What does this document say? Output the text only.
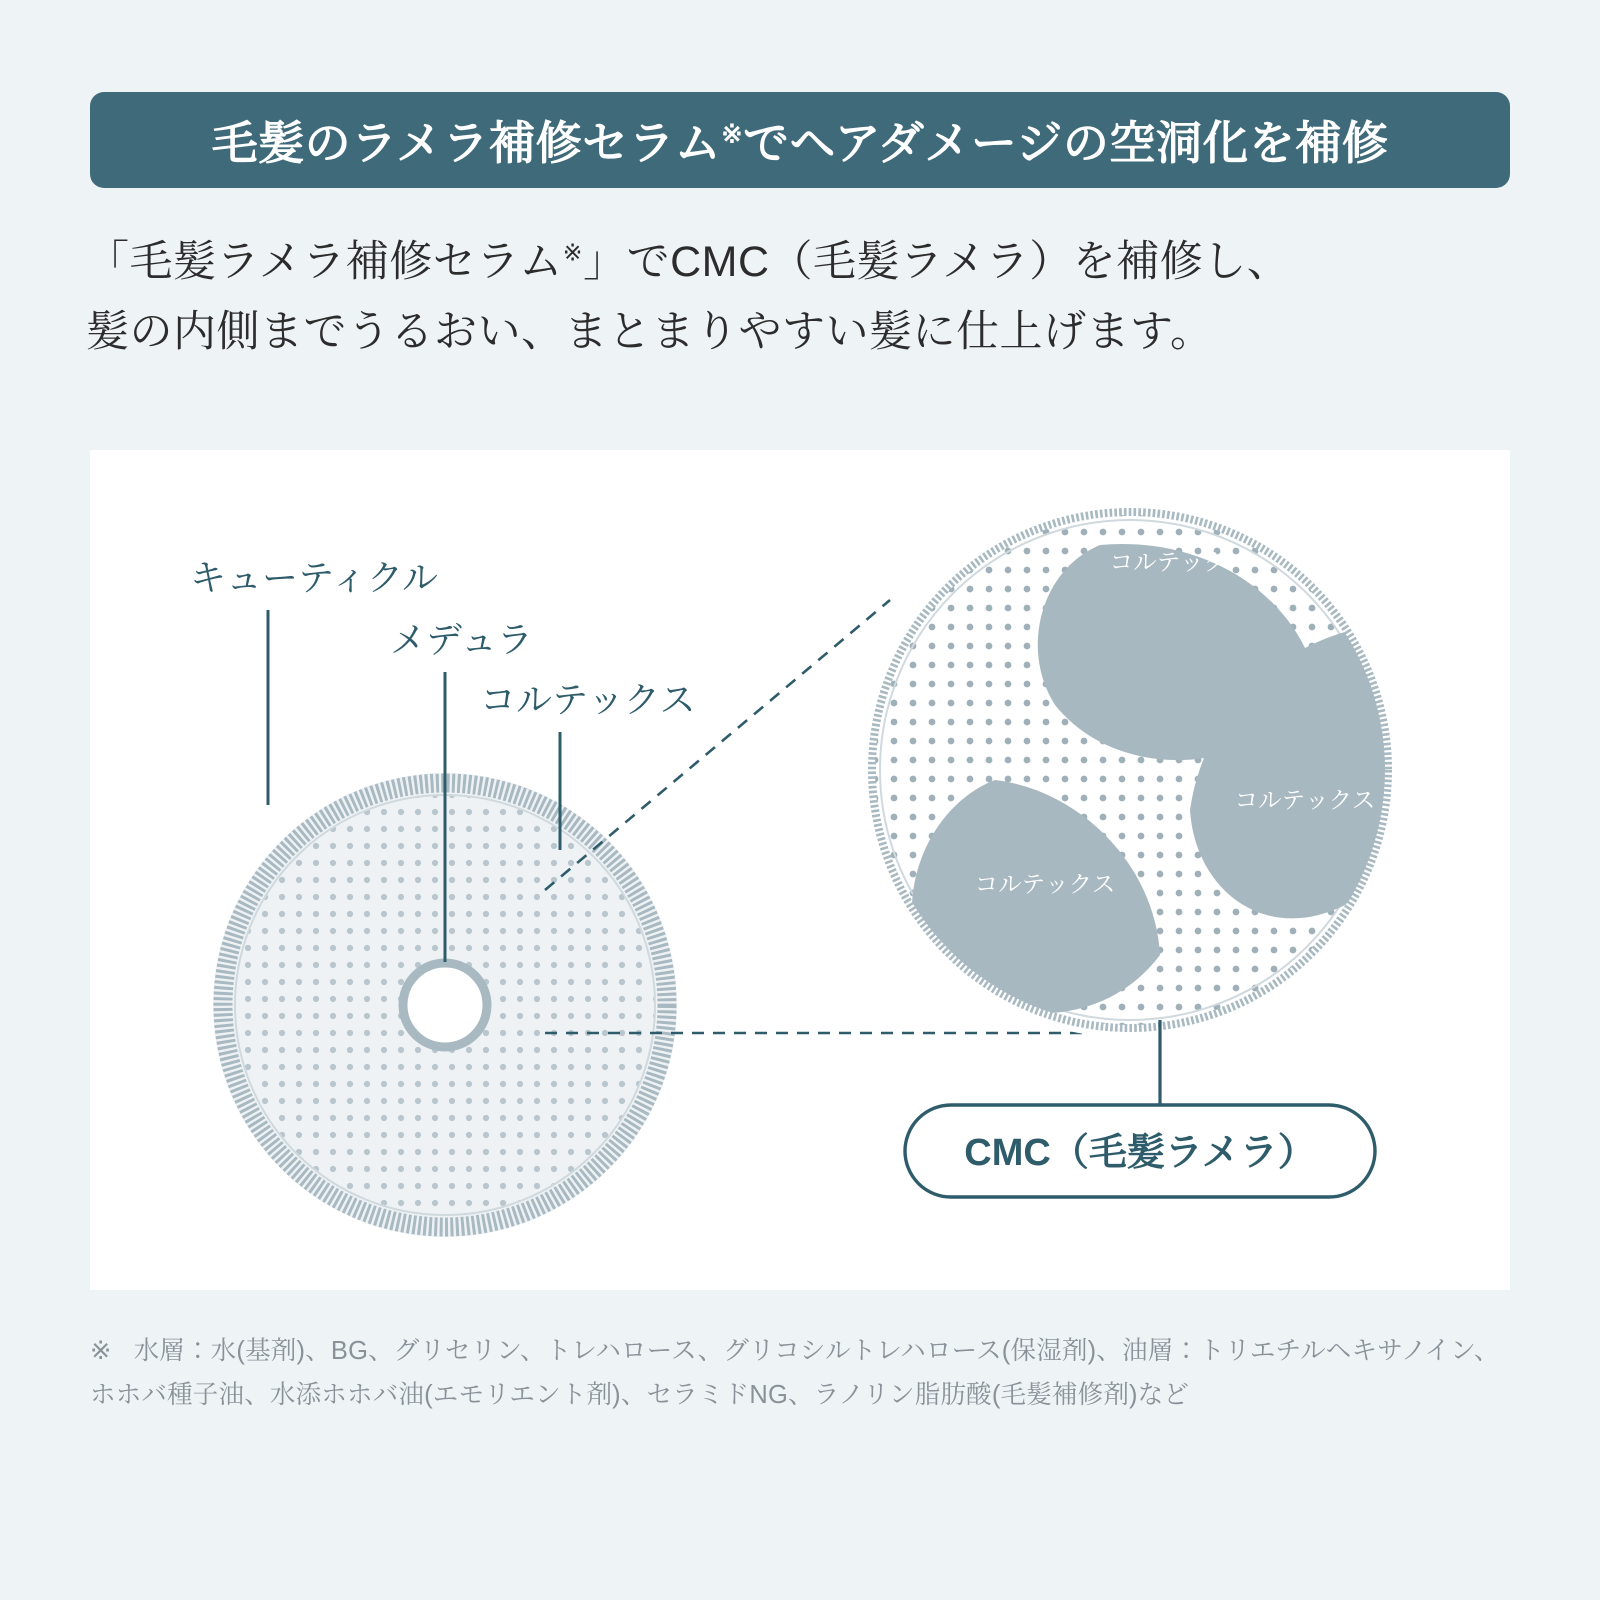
毛髪のラメラ補修セラム※でヘアダメージの空洞化を補修
「毛髪ラメラ補修セラム※」でCMC（毛髪ラメラ）を補修し、
髪の内側までうるおい、まとまりやすい髪に仕上げます。
キューティクル
メデュラ
コルテックス
コルテックス
コルテックス
コルテックス
CMC（毛髪ラメラ）
※ 水層：水(基剤)、BG、グリセリン、トレハロース、グリコシルトレハロース(保湿剤)、油層：トリエチルヘキサノイン、ホホバ種子油、水添ホホバ油(エモリエント剤)、セラミドNG、ラノリン脂肪酸(毛髪補修剤)など
